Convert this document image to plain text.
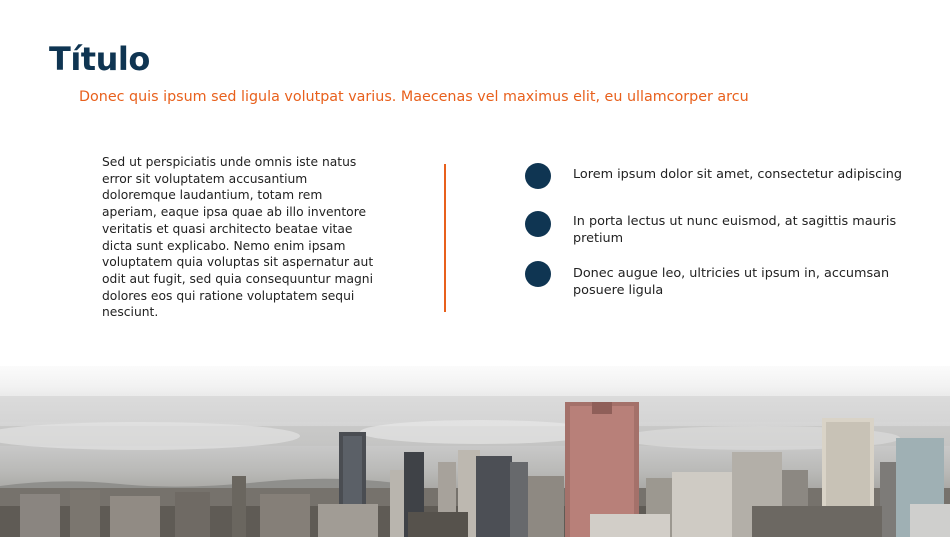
Título
Donec quis ipsum sed ligula volutpat varius. Maecenas vel maximus elit, eu ullamcorper arcu
Sed ut perspiciatis unde omnis iste natus error sit voluptatem accusantium doloremque laudantium, totam rem aperiam, eaque ipsa quae ab illo inventore veritatis et quasi architecto beatae vitae dicta sunt explicabo. Nemo enim ipsam voluptatem quia voluptas sit aspernatur aut odit aut fugit, sed quia consequuntur magni dolores eos qui ratione voluptatem sequi nesciunt.
Lorem ipsum dolor sit amet, consectetur adipiscing
In porta lectus ut nunc euismod, at sagittis mauris pretium
Donec augue leo, ultricies ut ipsum in, accumsan posuere ligula
